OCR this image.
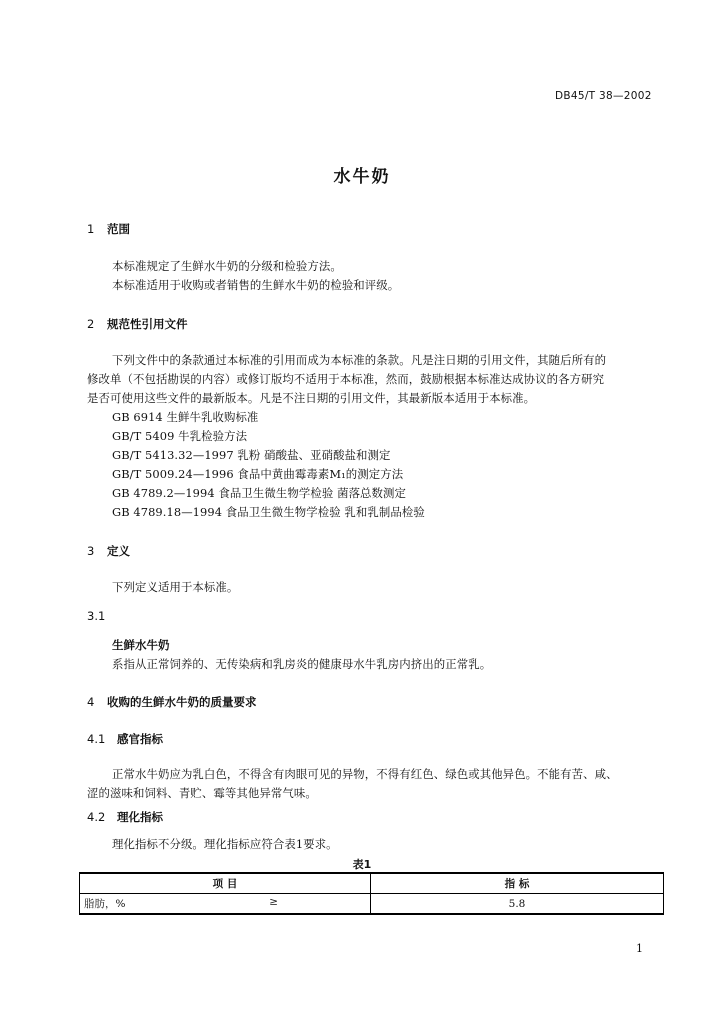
DB45/T 38—2002
水牛奶
1 范围
本标准规定了生鲜水牛奶的分级和检验方法。
本标准适用于收购或者销售的生鲜水牛奶的检验和评级。
2 规范性引用文件
下列文件中的条款通过本标准的引用而成为本标准的条款。凡是注日期的引用文件，其随后所有的
修改单（不包括勘误的内容）或修订版均不适用于本标准，然而，鼓励根据本标准达成协议的各方研究
是否可使用这些文件的最新版本。凡是不注日期的引用文件，其最新版本适用于本标准。
GB 6914 生鲜牛乳收购标准
GB/T 5409 牛乳检验方法
GB/T 5413.32—1997 乳粉 硝酸盐、亚硝酸盐和测定
GB/T 5009.24—1996 食品中黄曲霉毒素M₁的测定方法
GB 4789.2—1994 食品卫生微生物学检验 菌落总数测定
GB 4789.18—1994 食品卫生微生物学检验 乳和乳制品检验
3 定义
下列定义适用于本标准。
3.1
生鲜水牛奶
系指从正常饲养的、无传染病和乳房炎的健康母水牛乳房内挤出的正常乳。
4 收购的生鲜水牛奶的质量要求
4.1 感官指标
正常水牛奶应为乳白色，不得含有肉眼可见的异物，不得有红色、绿色或其他异色。不能有苦、咸、
涩的滋味和饲料、青贮、霉等其他异常气味。
4.2 理化指标
理化指标不分级。理化指标应符合表1要求。
表1
项 目	指 标
脂肪，% ≥	5.8
1
